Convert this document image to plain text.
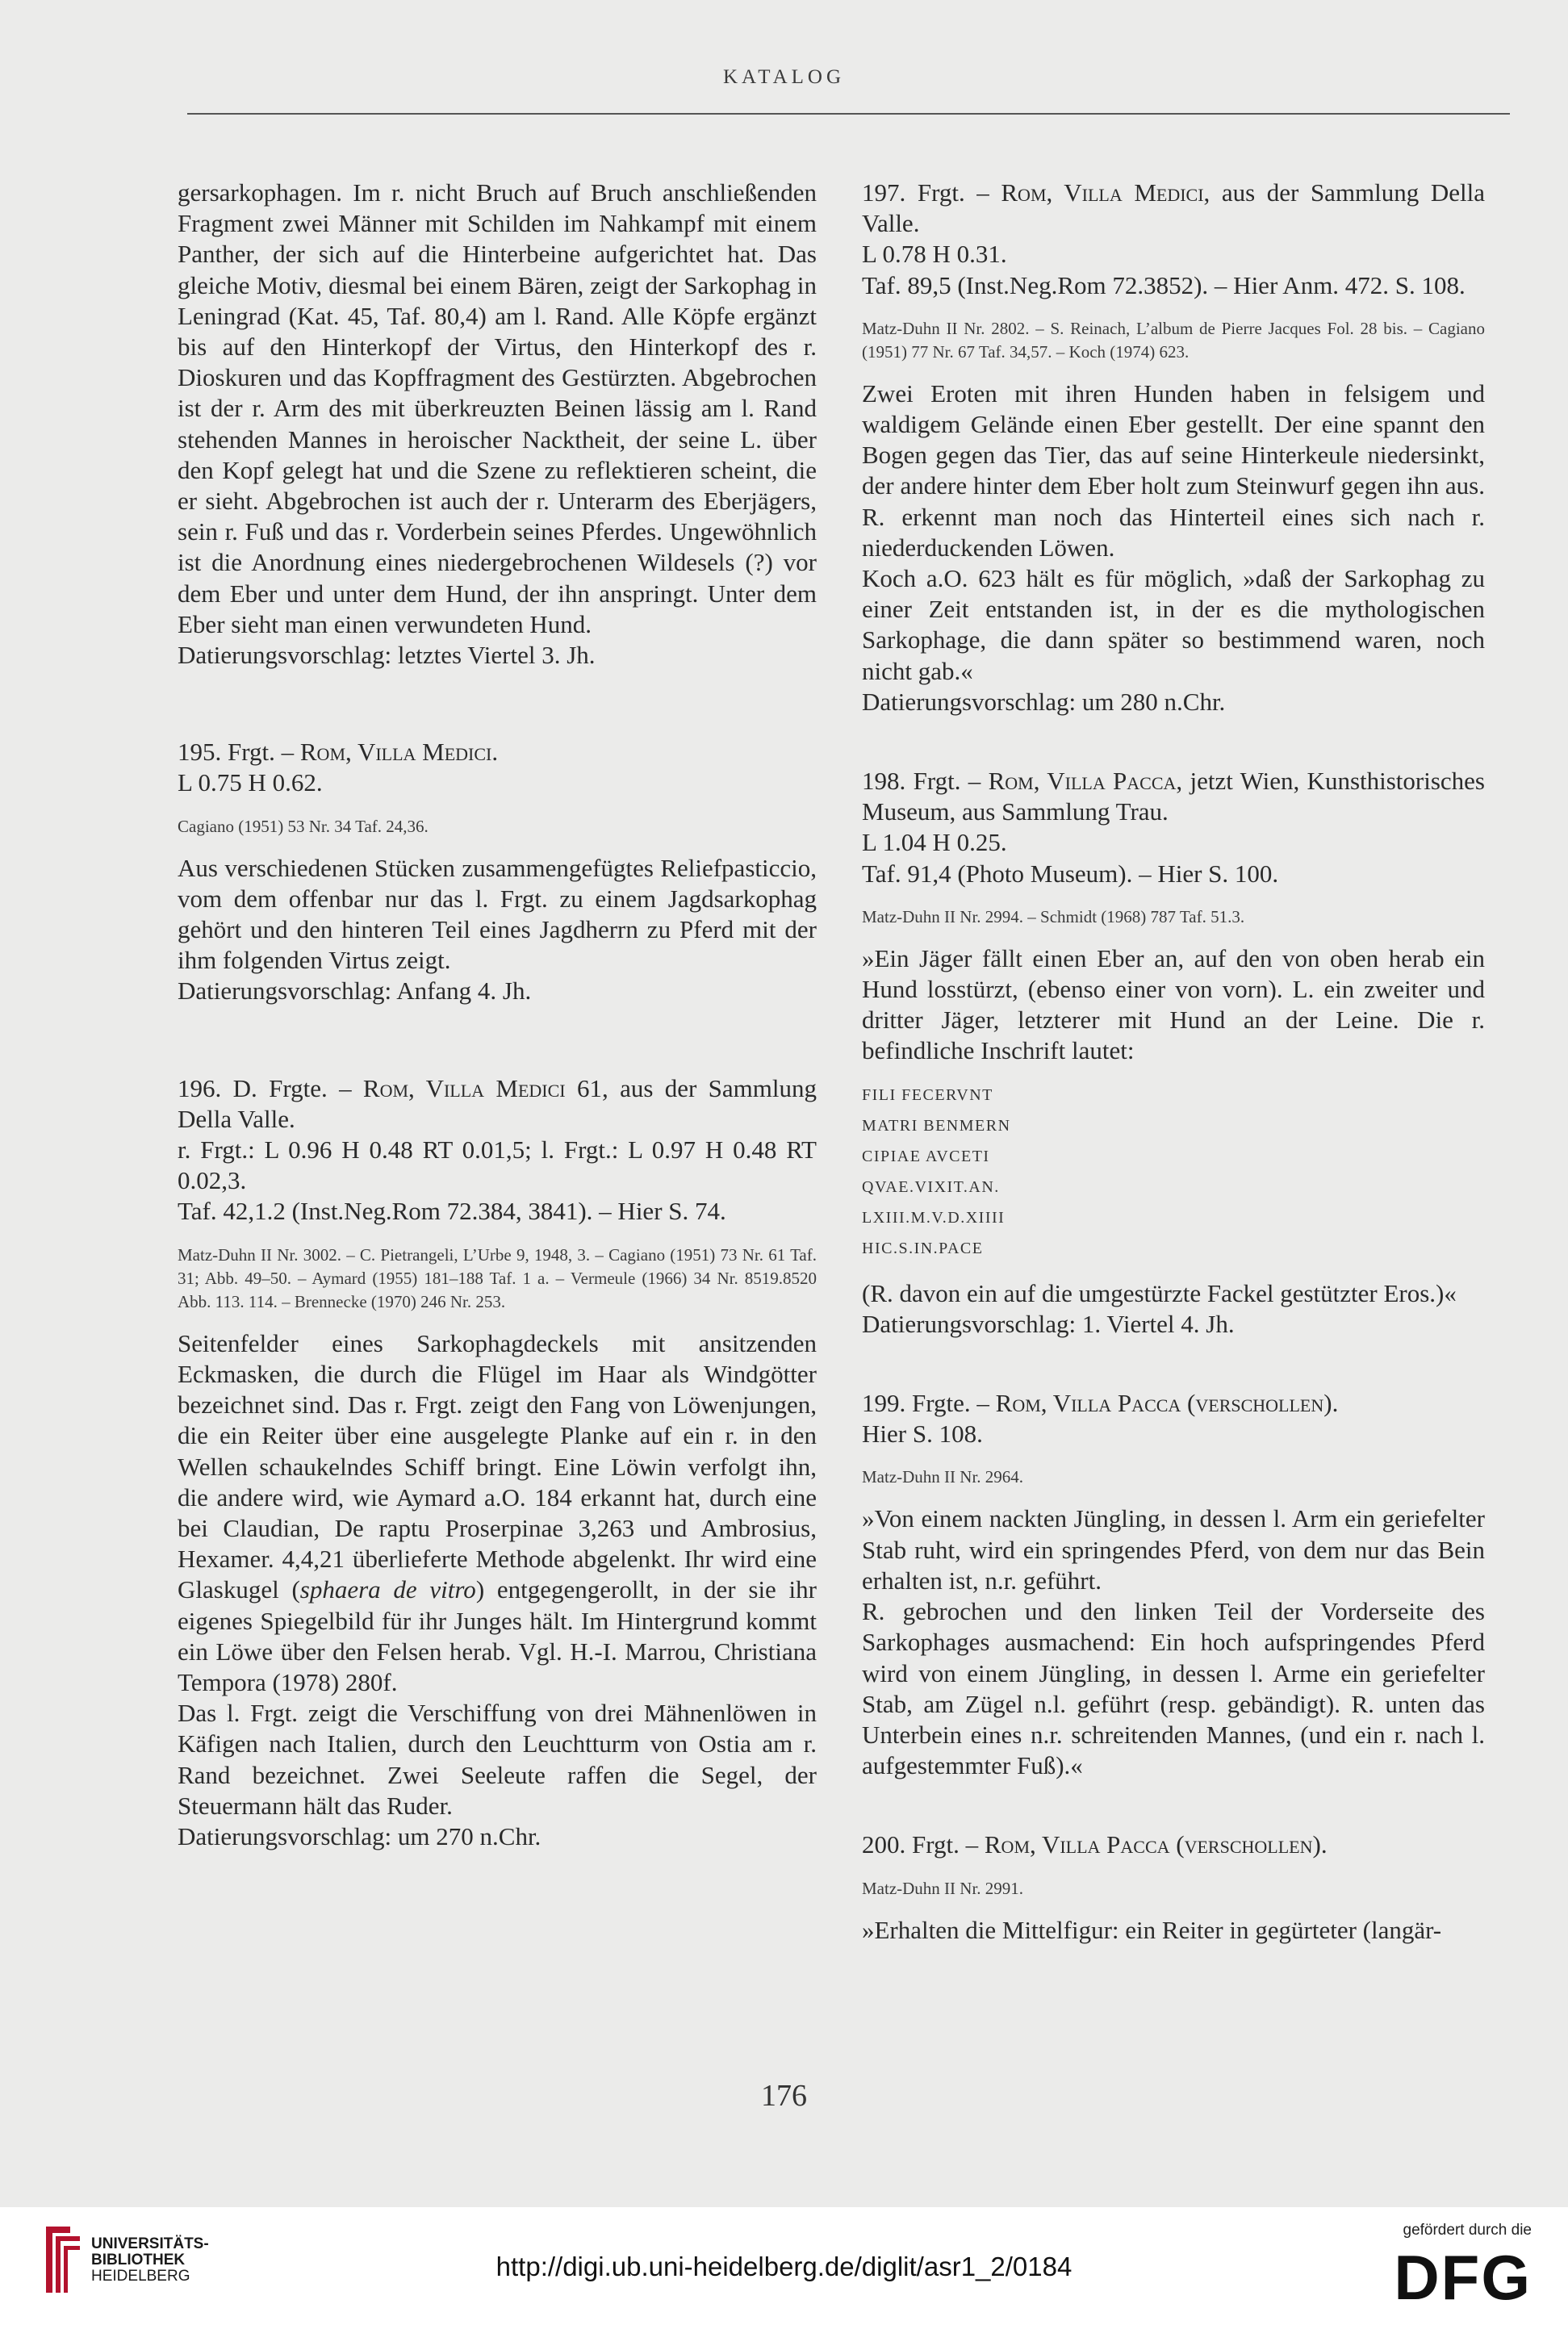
KATALOG

gersarkophagen. Im r. nicht Bruch auf Bruch anschließenden Fragment zwei Männer mit Schilden im Nahkampf mit einem Panther, der sich auf die Hinterbeine aufgerichtet hat. Das gleiche Motiv, diesmal bei einem Bären, zeigt der Sarkophag in Leningrad (Kat. 45, Taf. 80,4) am l. Rand. Alle Köpfe ergänzt bis auf den Hinterkopf der Virtus, den Hinterkopf des r. Dioskuren und das Kopffragment des Gestürzten. Abgebrochen ist der r. Arm des mit überkreuzten Beinen lässig am l. Rand stehenden Mannes in heroischer Nacktheit, der seine L. über den Kopf gelegt hat und die Szene zu reflektieren scheint, die er sieht. Abgebrochen ist auch der r. Unterarm des Eberjägers, sein r. Fuß und das r. Vorderbein seines Pferdes. Ungewöhnlich ist die Anordnung eines niedergebrochenen Wildesels (?) vor dem Eber und unter dem Hund, der ihn anspringt. Unter dem Eber sieht man einen verwundeten Hund.

Datierungsvorschlag: letztes Viertel 3. Jh.

195. Frgt. – Rom, Villa Medici.

L 0.75 H 0.62.

Cagiano (1951) 53 Nr. 34 Taf. 24,36.

Aus verschiedenen Stücken zusammengefügtes Reliefpasticcio, vom dem offenbar nur das l. Frgt. zu einem Jagdsarkophag gehört und den hinteren Teil eines Jagdherrn zu Pferd mit der ihm folgenden Virtus zeigt.

Datierungsvorschlag: Anfang 4. Jh.

196. D. Frgte. – Rom, Villa Medici 61, aus der Sammlung Della Valle.

r. Frgt.: L 0.96 H 0.48 RT 0.01,5; l. Frgt.: L 0.97 H 0.48 RT 0.02,3.

Taf. 42,1.2 (Inst.Neg.Rom 72.384, 3841). – Hier S. 74.

Matz-Duhn II Nr. 3002. – C. Pietrangeli, L’Urbe 9, 1948, 3. – Cagiano (1951) 73 Nr. 61 Taf. 31; Abb. 49–50. – Aymard (1955) 181–188 Taf. 1 a. – Vermeule (1966) 34 Nr. 8519.8520 Abb. 113. 114. – Brennecke (1970) 246 Nr. 253.

Seitenfelder eines Sarkophagdeckels mit ansitzenden Eckmasken, die durch die Flügel im Haar als Windgötter bezeichnet sind. Das r. Frgt. zeigt den Fang von Löwenjungen, die ein Reiter über eine ausgelegte Planke auf ein r. in den Wellen schaukelndes Schiff bringt. Eine Löwin verfolgt ihn, die andere wird, wie Aymard a.O. 184 erkannt hat, durch eine bei Claudian, De raptu Proserpinae 3,263 und Ambrosius, Hexamer. 4,4,21 überlieferte Methode abgelenkt. Ihr wird eine Glaskugel (sphaera de vitro) entgegengerollt, in der sie ihr eigenes Spiegelbild für ihr Junges hält. Im Hintergrund kommt ein Löwe über den Felsen herab. Vgl. H.-I. Marrou, Christiana Tempora (1978) 280f.

Das l. Frgt. zeigt die Verschiffung von drei Mähnenlöwen in Käfigen nach Italien, durch den Leuchtturm von Ostia am r. Rand bezeichnet. Zwei Seeleute raffen die Segel, der Steuermann hält das Ruder.

Datierungsvorschlag: um 270 n.Chr.

197. Frgt. – Rom, Villa Medici, aus der Sammlung Della Valle.

L 0.78 H 0.31.

Taf. 89,5 (Inst.Neg.Rom 72.3852). – Hier Anm. 472. S. 108.

Matz-Duhn II Nr. 2802. – S. Reinach, L’album de Pierre Jacques Fol. 28 bis. – Cagiano (1951) 77 Nr. 67 Taf. 34,57. – Koch (1974) 623.

Zwei Eroten mit ihren Hunden haben in felsigem und waldigem Gelände einen Eber gestellt. Der eine spannt den Bogen gegen das Tier, das auf seine Hinterkeule niedersinkt, der andere hinter dem Eber holt zum Steinwurf gegen ihn aus. R. erkennt man noch das Hinterteil eines sich nach r. niederduckenden Löwen.

Koch a.O. 623 hält es für möglich, »daß der Sarkophag zu einer Zeit entstanden ist, in der es die mythologischen Sarkophage, die dann später so bestimmend waren, noch nicht gab.«

Datierungsvorschlag: um 280 n.Chr.

198. Frgt. – Rom, Villa Pacca, jetzt Wien, Kunsthistorisches Museum, aus Sammlung Trau.

L 1.04 H 0.25.

Taf. 91,4 (Photo Museum). – Hier S. 100.

Matz-Duhn II Nr. 2994. – Schmidt (1968) 787 Taf. 51.3.

»Ein Jäger fällt einen Eber an, auf den von oben herab ein Hund losstürzt, (ebenso einer von vorn). L. ein zweiter und dritter Jäger, letzterer mit Hund an der Leine. Die r. befindliche Inschrift lautet:

FILI FECERVNT
MATRI BENMERN
CIPIAE AVCETI
QVAE.VIXIT.AN.
LXIII.M.V.D.XIIII
HIC.S.IN.PACE

(R. davon ein auf die umgestürzte Fackel gestützter Eros.)«

Datierungsvorschlag: 1. Viertel 4. Jh.

199. Frgte. – Rom, Villa Pacca (verschollen).

Hier S. 108.

Matz-Duhn II Nr. 2964.

»Von einem nackten Jüngling, in dessen l. Arm ein geriefelter Stab ruht, wird ein springendes Pferd, von dem nur das Bein erhalten ist, n.r. geführt.

R. gebrochen und den linken Teil der Vorderseite des Sarkophages ausmachend: Ein hoch aufspringendes Pferd wird von einem Jüngling, in dessen l. Arme ein geriefelter Stab, am Zügel n.l. geführt (resp. gebändigt). R. unten das Unterbein eines n.r. schreitenden Mannes, (und ein r. nach l. aufgestemmter Fuß).«

200. Frgt. – Rom, Villa Pacca (verschollen).

Matz-Duhn II Nr. 2991.

»Erhalten die Mittelfigur: ein Reiter in gegürteter (langär-

176
UNIVERSITÄTS-
BIBLIOTHEK
HEIDELBERG	http://digi.ub.uni-heidelberg.de/diglit/asr1_2/0184
gefördert durch die
DFG
